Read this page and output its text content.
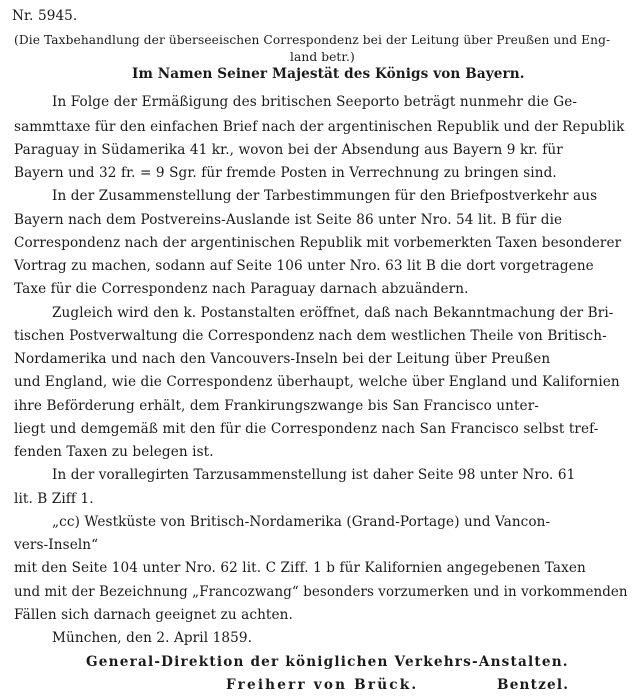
Nr. 5945.
(Die Taxbehandlung der überseeischen Correspondenz bei der Leitung über Preußen und Eng-
land betr.)
Im Namen Seiner Majestät des Königs von Bayern.
In Folge der Ermäßigung des britischen Seeporto beträgt nunmehr die Ge-
sammttaxe für den einfachen Brief nach der argentinischen Republik und der Republik
Paraguay in Südamerika 41 kr., wovon bei der Absendung aus Bayern 9 kr. für
Bayern und 32 fr. = 9 Sgr. für fremde Posten in Verrechnung zu bringen sind.
In der Zusammenstellung der Tarbestimmungen für den Briefpostverkehr aus
Bayern nach dem Postvereins-Auslande ist Seite 86 unter Nro. 54 lit. B für die
Correspondenz nach der argentinischen Republik mit vorbemerkten Taxen besonderer
Vortrag zu machen, sodann auf Seite 106 unter Nro. 63 lit B die dort vorgetragene
Taxe für die Correspondenz nach Paraguay darnach abzuändern.
Zugleich wird den k. Postanstalten eröffnet, daß nach Bekanntmachung der Bri-
tischen Postverwaltung die Correspondenz nach dem westlichen Theile von Britisch-
Nordamerika und nach den Vancouvers-Inseln bei der Leitung über Preußen
und England, wie die Correspondenz überhaupt, welche über England und Kalifornien
ihre Beförderung erhält, dem Frankirungszwange bis San Francisco unter-
liegt und demgemäß mit den für die Correspondenz nach San Francisco selbst tref-
fenden Taxen zu belegen ist.
In der vorallegirten Tarzusammenstellung ist daher Seite 98 unter Nro. 61
lit. B Ziff 1.
„cc) Westküste von Britisch-Nordamerika (Grand-Portage) und Vancon-
vers-Inseln“
mit den Seite 104 unter Nro. 62 lit. C Ziff. 1 b für Kalifornien angegebenen Taxen
und mit der Bezeichnung „Francozwang“ besonders vorzumerken und in vorkommenden
Fällen sich darnach geeignet zu achten.
München, den 2. April 1859.
General-Direktion der königlichen Verkehrs-Anstalten.
Freiherr von Brück.	Bentzel.
